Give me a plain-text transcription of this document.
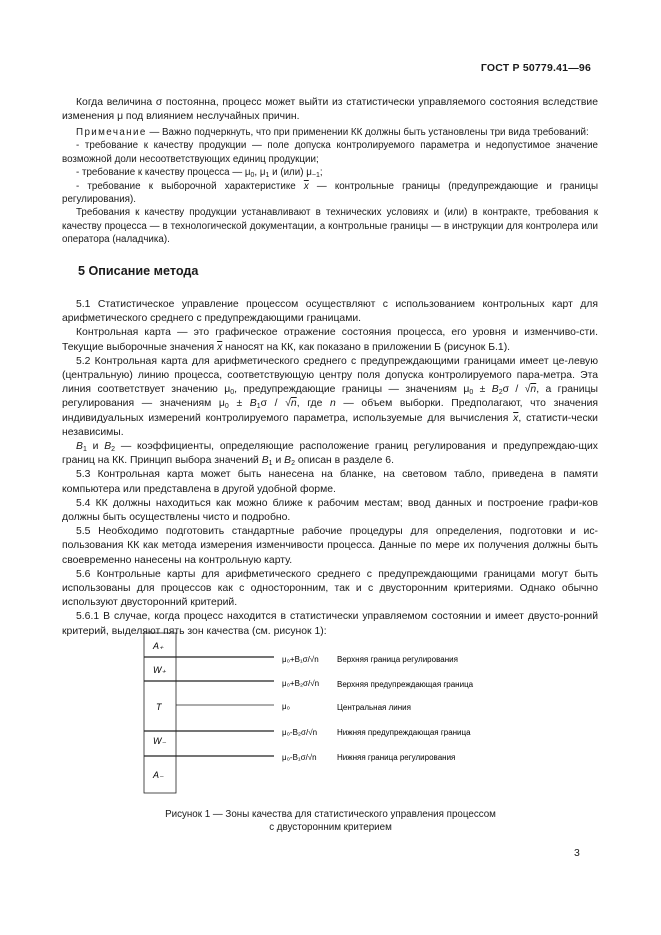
ГОСТ Р 50779.41—96

Когда величина σ постоянна, процесс может выйти из статистически управляемого состояния вследствие изменения μ под влиянием неслучайных причин.

Примечание — Важно подчеркнуть, что при применении КК должны быть установлены три вида требований:

- требование к качеству продукции — поле допуска контролируемого параметра и недопустимое значение возможной доли несоответствующих единиц продукции;

- требование к качеству процесса — $\mu_0$, $\mu_1$ и (или) $\mu_{-1}$;

- требование к выборочной характеристике $\overline{x}$ — контрольные границы (предупреждающие и границы регулирования).

Требования к качеству продукции устанавливают в технических условиях и (или) в контракте, требования к качеству процесса — в технологической документации, а контрольные границы — в инструкции для контролера или оператора (наладчика).

5 Описание метода

5.1 Статистическое управление процессом осуществляют с использованием контрольных карт для арифметического среднего с предупреждающими границами.

Контрольная карта — это графическое отражение состояния процесса, его уровня и изменчиво-сти. Текущие выборочные значения $\overline{x}$ наносят на КК, как показано в приложении Б (рисунок Б.1).

5.2 Контрольная карта для арифметического среднего с предупреждающими границами имеет це-левую (центральную) линию процесса, соответствующую центру поля допуска контролируемого пара-метра. Эта линия соответствует значению $\mu_0$, предупреждающие границы — значениям $\mu_0 \pm B_2\sigma / √n$, а границы регулирования — значениям $\mu_0 \pm B_1\sigma / √n$, где n — объем выборки. Предполагают, что значения индивидуальных измерений контролируемого параметра, используемые для вычисления $\overline{x}$, статисти-чески независимы.

$B_1$ и $B_2$ — коэффициенты, определяющие расположение границ регулирования и предупреждаю-щих границ на КК. Принцип выбора значений $B_1$ и $B_2$ описан в разделе 6.

5.3 Контрольная карта может быть нанесена на бланке, на световом табло, приведена в памяти компьютера или представлена в другой удобной форме.

5.4 КК должны находиться как можно ближе к рабочим местам; ввод данных и построение графи-ков должны быть осуществлены чисто и подробно.

5.5 Необходимо подготовить стандартные рабочие процедуры для определения, подготовки и ис-пользования КК как метода измерения изменчивости процесса. Данные по мере их получения должны быть своевременно нанесены на контрольную карту.

5.6 Контрольные карты для арифметического среднего с предупреждающими границами могут быть использованы для процессов как с односторонним, так и с двусторонним критериями. Однако обычно используют двусторонний критерий.

5.6.1 В случае, когда процесс находится в статистически управляемом состоянии и имеет двусто-ронний критерий, выделяют пять зон качества (см. рисунок 1):

A₊
W₊
T
W₋
A₋
μ₀+B₁σ/√n
μ₀+B₂σ/√n
μ₀
μ₀-B₂σ/√n
μ₀-B₁σ/√n
Верхняя граница регулирования
Верхняя предупреждающая граница
Центральная линия
Нижняя предупреждающая граница
Нижняя граница регулирования
Рисунок 1 — Зоны качества для статистического управления процессом
с двусторонним критерием
3
